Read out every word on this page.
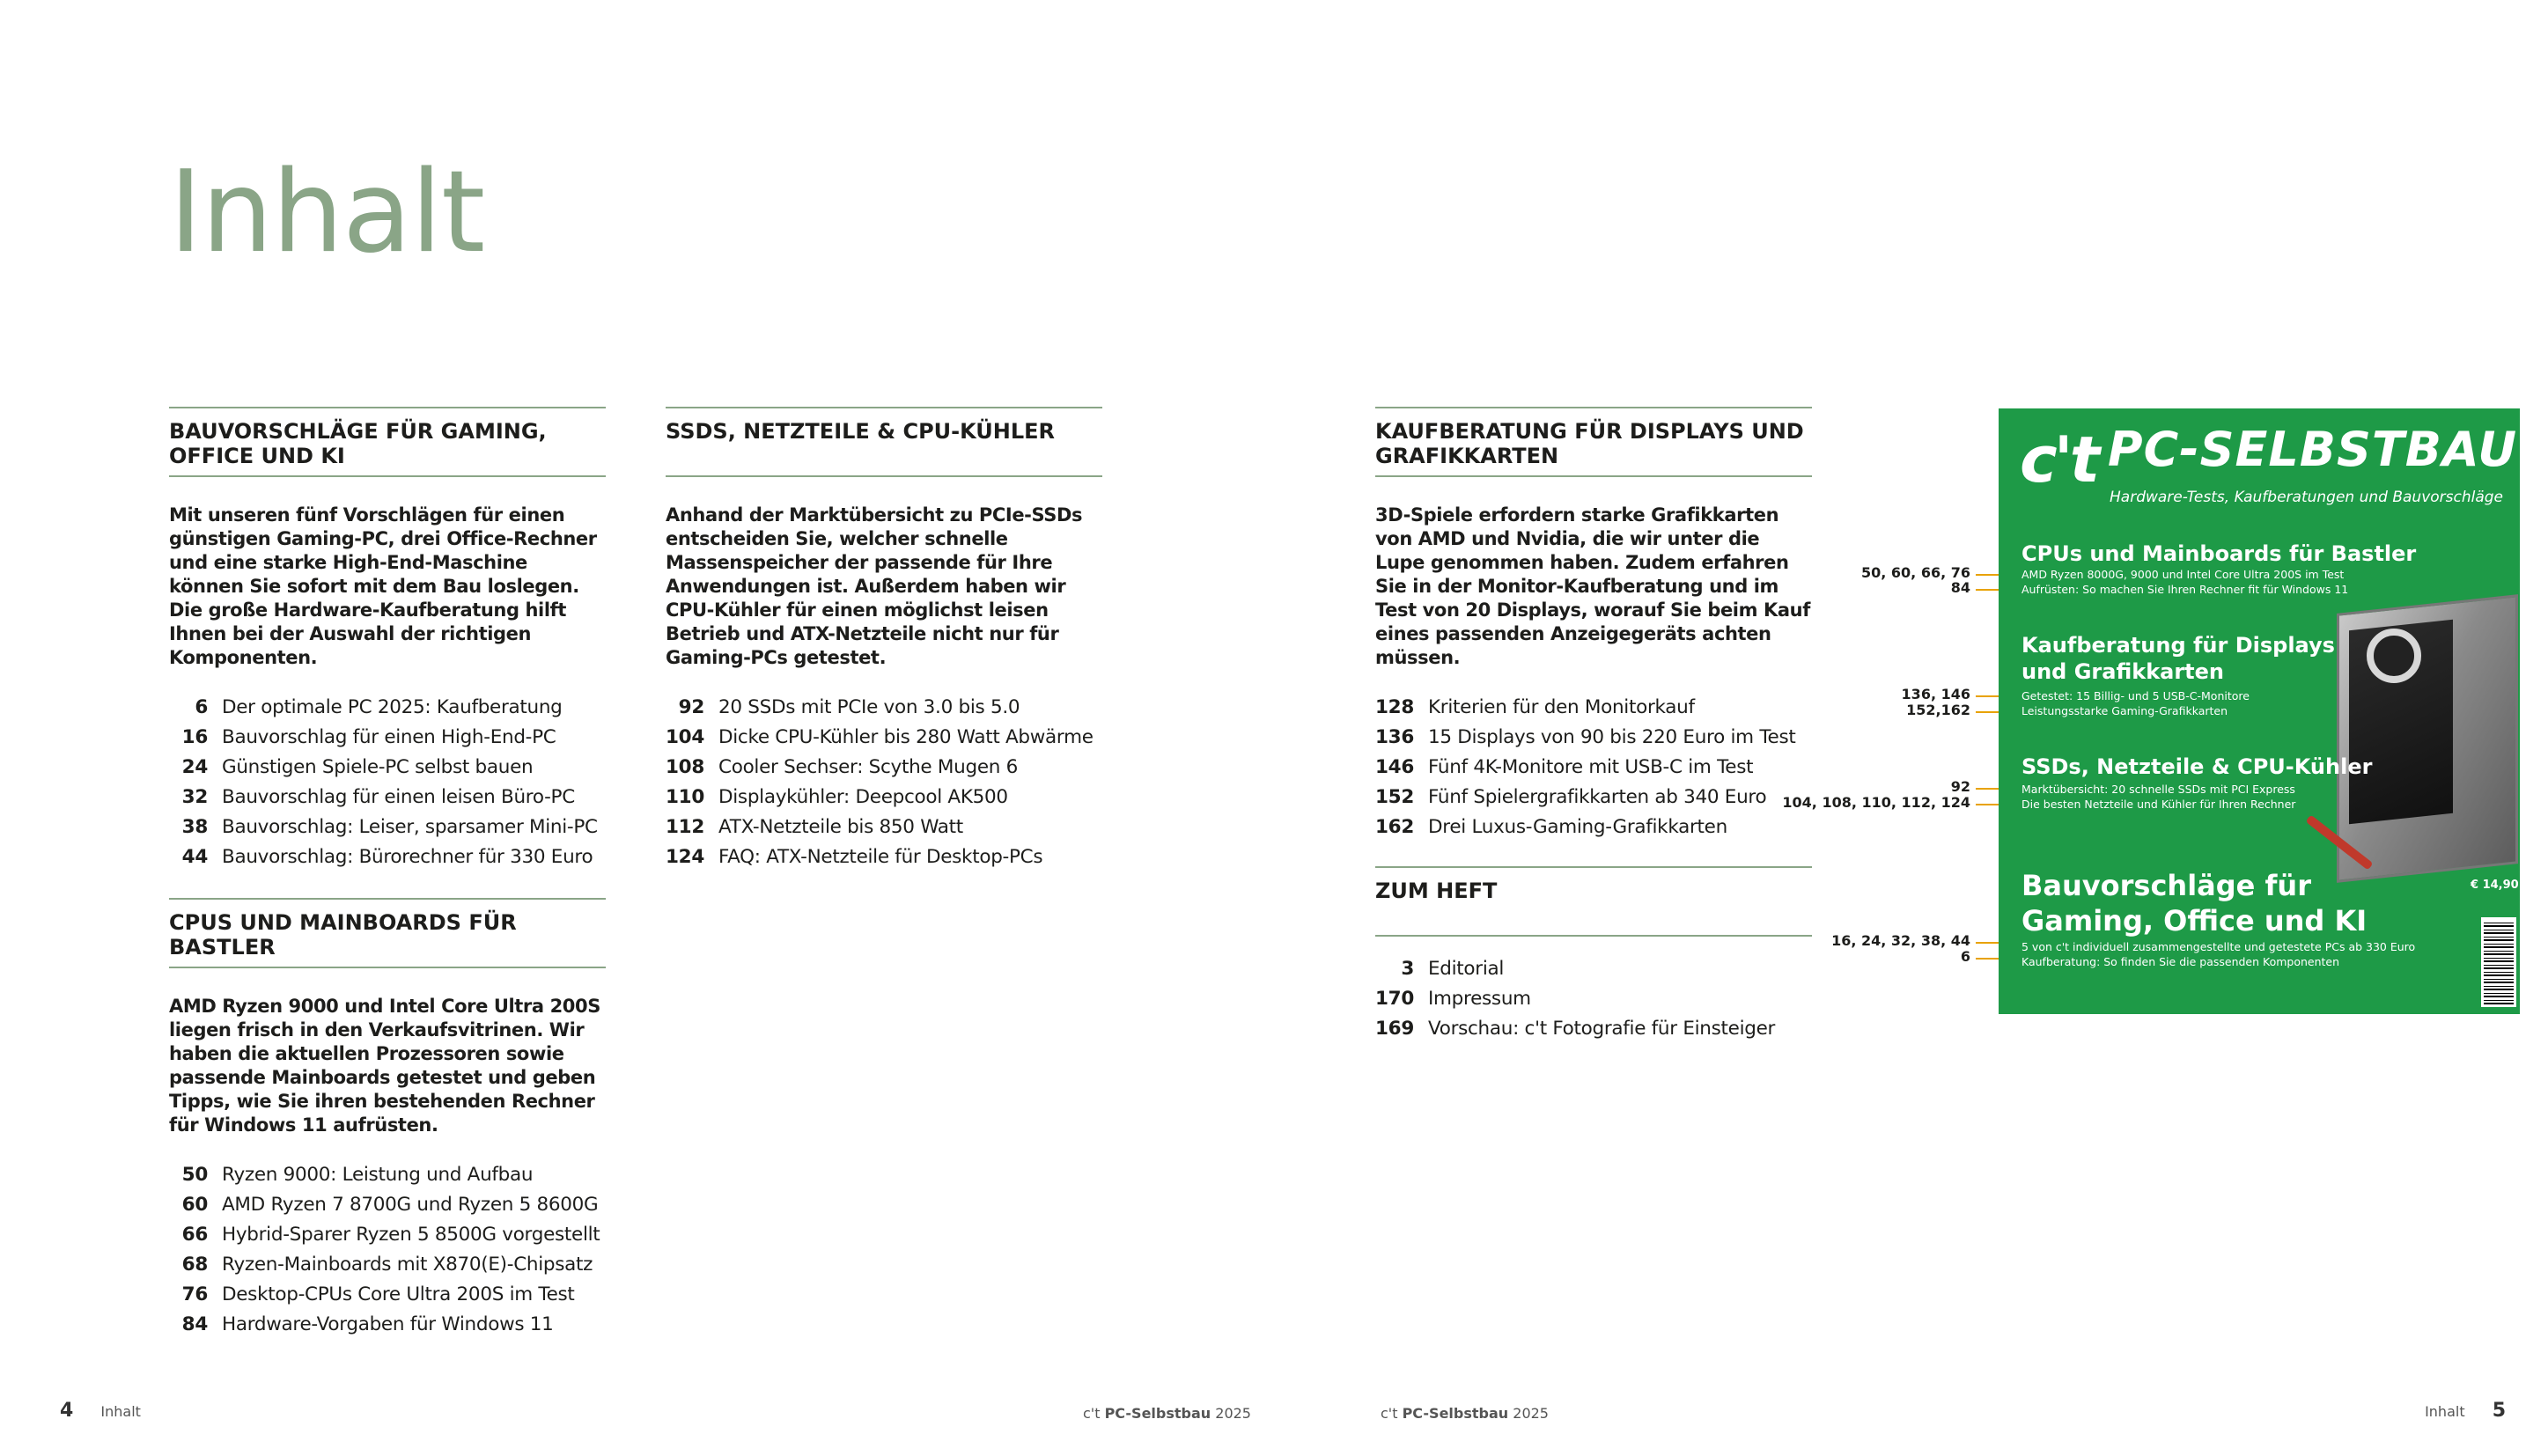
Inhalt
BAUVORSCHLÄGE FÜR GAMING, OFFICE UND KI
Mit unseren fünf Vorschlägen für einen günstigen Gaming-PC, drei Office-Rechner und eine starke High-End-Maschine können Sie sofort mit dem Bau loslegen. Die große Hardware-Kaufberatung hilft Ihnen bei der Auswahl der richtigen Komponenten.
6 Der optimale PC 2025: Kaufberatung
16 Bauvorschlag für einen High-End-PC
24 Günstigen Spiele-PC selbst bauen
32 Bauvorschlag für einen leisen Büro-PC
38 Bauvorschlag: Leiser, sparsamer Mini-PC
44 Bauvorschlag: Bürorechner für 330 Euro
CPUS UND MAINBOARDS FÜR BASTLER
AMD Ryzen 9000 und Intel Core Ultra 200S liegen frisch in den Verkaufsvitrinen. Wir haben die aktuellen Prozessoren sowie passende Mainboards getestet und geben Tipps, wie Sie ihren bestehenden Rechner für Windows 11 aufrüsten.
50 Ryzen 9000: Leistung und Aufbau
60 AMD Ryzen 7 8700G und Ryzen 5 8600G
66 Hybrid-Sparer Ryzen 5 8500G vorgestellt
68 Ryzen-Mainboards mit X870(E)-Chipsatz
76 Desktop-CPUs Core Ultra 200S im Test
84 Hardware-Vorgaben für Windows 11
SSDS, NETZTEILE & CPU-KÜHLER
Anhand der Marktübersicht zu PCIe-SSDs entscheiden Sie, welcher schnelle Massenspeicher der passende für Ihre Anwendungen ist. Außerdem haben wir CPU-Kühler für einen möglichst leisen Betrieb und ATX-Netzteile nicht nur für Gaming-PCs getestet.
92 20 SSDs mit PCIe von 3.0 bis 5.0
104 Dicke CPU-Kühler bis 280 Watt Abwärme
108 Cooler Sechser: Scythe Mugen 6
110 Displaykühler: Deepcool AK500
112 ATX-Netzteile bis 850 Watt
124 FAQ: ATX-Netzteile für Desktop-PCs
KAUFBERATUNG FÜR DISPLAYS UND GRAFIKKARTEN
3D-Spiele erfordern starke Grafikkarten von AMD und Nvidia, die wir unter die Lupe genommen haben. Zudem erfahren Sie in der Monitor-Kaufberatung und im Test von 20 Displays, worauf Sie beim Kauf eines passenden Anzeigegeräts achten müssen.
128 Kriterien für den Monitorkauf
136 15 Displays von 90 bis 220 Euro im Test
146 Fünf 4K-Monitore mit USB-C im Test
152 Fünf Spielergrafikkarten ab 340 Euro
162 Drei Luxus-Gaming-Grafikkarten
ZUM HEFT
3 Editorial
170 Impressum
169 Vorschau: c't Fotografie für Einsteiger
50, 60, 66, 76
84
136, 146
152,162
92
104, 108, 110, 112, 124
16, 24, 32, 38, 44
6
c't PC-SELBSTBAU
Hardware-Tests, Kaufberatungen und Bauvorschläge
CPUs und Mainboards für Bastler
AMD Ryzen 8000G, 9000 und Intel Core Ultra 200S im Test
Aufrüsten: So machen Sie Ihren Rechner fit für Windows 11
Kaufberatung für Displays
und Grafikkarten
Getestet: 15 Billig- und 5 USB-C-Monitore
Leistungsstarke Gaming-Grafikkarten
SSDs, Netzteile & CPU-Kühler
Marktübersicht: 20 schnelle SSDs mit PCI Express
Die besten Netzteile und Kühler für Ihren Rechner
Bauvorschläge für
Gaming, Office und KI
5 von c't individuell zusammengestellte und getestete PCs ab 330 Euro
Kaufberatung: So finden Sie die passenden Komponenten
€ 14,90
4 Inhalt	c't PC-Selbstbau 2025	c't PC-Selbstbau 2025	Inhalt 5
